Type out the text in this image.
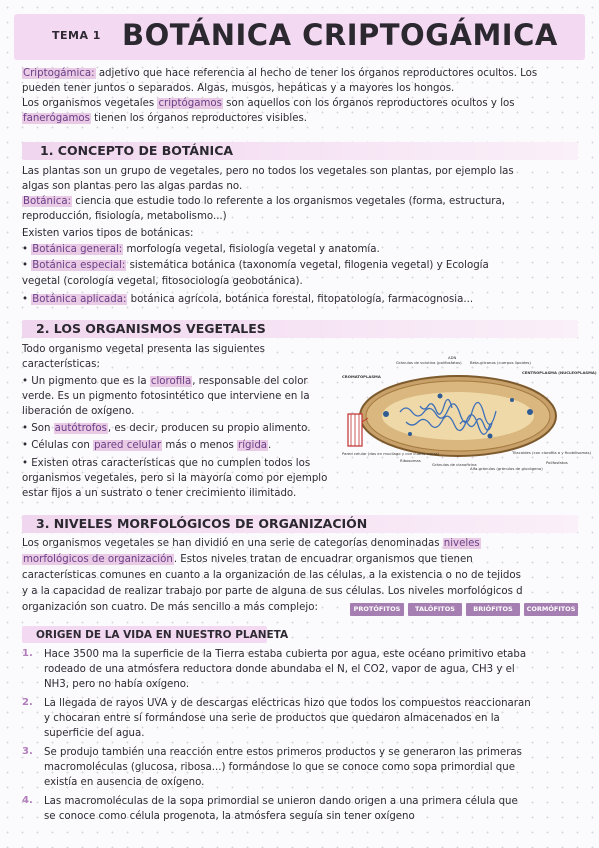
TEMA 1 BOTÁNICA CRIPTOGÁMICA
Criptogámica: adjetivo que hace referencia al hecho de tener los órganos reproductores ocultos. Los
pueden tener juntos o separados. Algas, musgos, hepáticas y a mayores los hongos.
Los organismos vegetales criptógamos son aquellos con los órganos reproductores ocultos y los
fanerógamos tienen los órganos reproductores visibles.
1. CONCEPTO DE BOTÁNICA
Las plantas son un grupo de vegetales, pero no todos los vegetales son plantas, por ejemplo las
algas son plantas pero las algas pardas no.
Botánica: ciencia que estudie todo lo referente a los organismos vegetales (forma, estructura,
reproducción, fisiología, metabolismo...)
Existen varios tipos de botánicas:
• Botánica general: morfología vegetal, fisiología vegetal y anatomía.
• Botánica especial: sistemática botánica (taxonomía vegetal, filogenia vegetal) y Ecología
vegetal (corología vegetal, fitosociología geobotánica).
• Botánica aplicada: botánica agrícola, botánica forestal, fitopatología, farmacognosia...
2. LOS ORGANISMOS VEGETALES
Todo organismo vegetal presenta las siguientes
características:
• Un pigmento que es la clorofila, responsable del color
verde. Es un pigmento fotosintético que interviene en la
liberación de oxígeno.
• Son autótrofos, es decir, producen su propio alimento.
• Células con pared celular más o menos rígida.
• Existen otras características que no cumplen todos los
organismos vegetales, pero si la mayoría como por ejemplo
estar fijos a un sustrato o tener crecimiento ilimitado.
Gránulos de volutina (polifosfatos)
ADN
Beta-glicanos (cuerpos lipoides)
CROMATOPLASMA
CENTROPLASMA (NUCLEOPLASMA)
Pared celular (dos en mucilago y con cuatro capas)
Ribosomas
Gránulos de cianoficina
Tilacoides (con clorofila a y ficobilisomas)
Polifosfatos
Alfa-gránulos (gránulos de glucógeno)
3. NIVELES MORFOLÓGICOS DE ORGANIZACIÓN
Los organismos vegetales se han dividió en una serie de categorías denominadas niveles
morfológicos de organización. Estos niveles tratan de encuadrar organismos que tienen
características comunes en cuanto a la organización de las células, a la existencia o no de tejidos
y a la capacidad de realizar trabajo por parte de alguna de sus células. Los niveles morfológicos d
organización son cuatro. De más sencillo a más complejo:	PROTÓFITOS	TALÓFITOS	BRIÓFITOS	CORMÓFITOS
ORIGEN DE LA VIDA EN NUESTRO PLANETA
1. Hace 3500 ma la superficie de la Tierra estaba cubierta por agua, este océano primitivo etaba
rodeado de una atmósfera reductora donde abundaba el N, el CO2, vapor de agua, CH3 y el
NH3, pero no había oxígeno.
2. La llegada de rayos UVA y de descargas eléctricas hizo que todos los compuestos reaccionaran
y chocaran entre sí formándose una serie de productos que quedaron almacenados en la
superficie del agua.
3. Se produjo también una reacción entre estos primeros productos y se generaron las primeras
macromoléculas (glucosa, ribosa...) formándose lo que se conoce como sopa primordial que
existía en ausencia de oxígeno.
4. Las macromoléculas de la sopa primordial se unieron dando origen a una primera célula que
se conoce como célula progenota, la atmósfera seguía sin tener oxígeno
